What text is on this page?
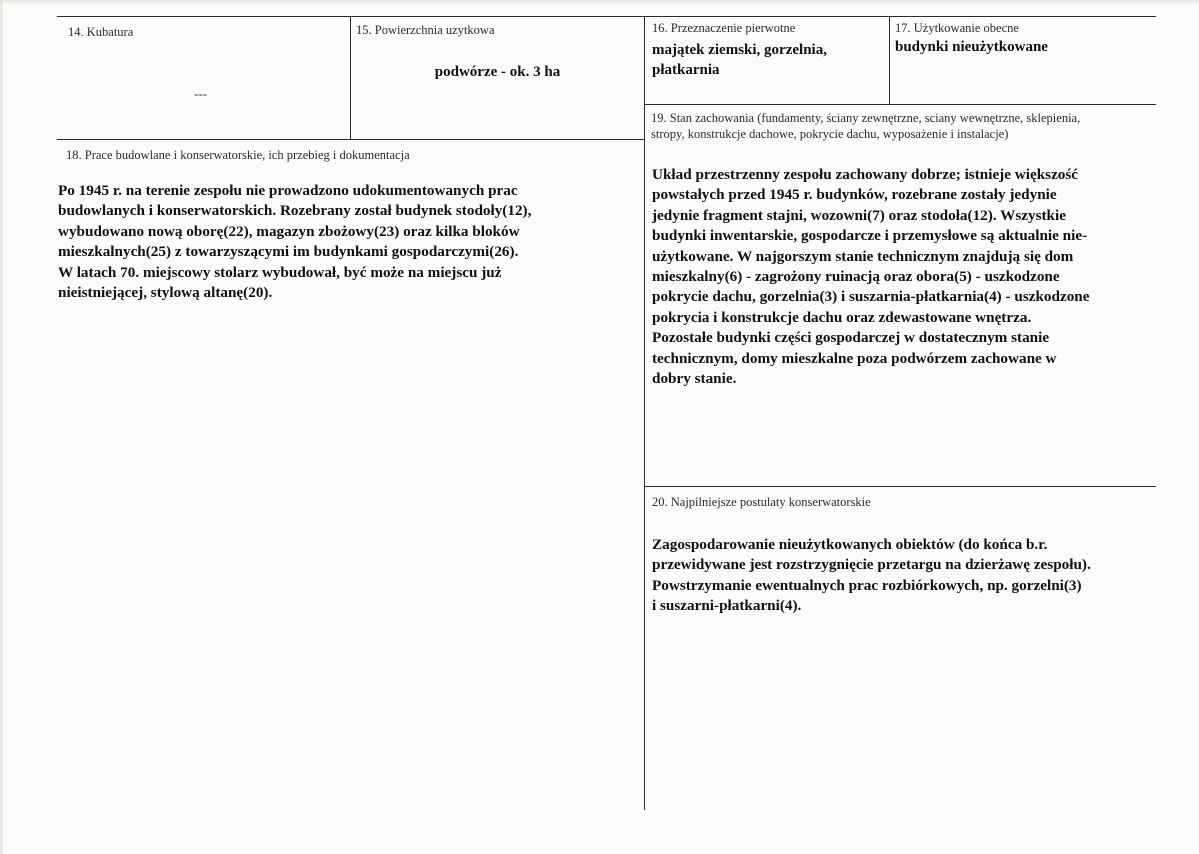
14. Kubatura
---
15. Powierzchnia uzytkowa
podwórze - ok. 3 ha
16. Przeznaczenie pierwotne
majątek ziemski, gorzelnia,
płatkarnia
17. Użytkowanie obecne
budynki nieużytkowane
18. Prace budowlane i konserwatorskie, ich przebieg i dokumentacja
Po 1945 r. na terenie zespołu nie prowadzono udokumentowanych prac
budowlanych i konserwatorskich. Rozebrany został budynek stodoły(12),
wybudowano nową oborę(22), magazyn zbożowy(23) oraz kilka bloków
mieszkalnych(25) z towarzyszącymi im budynkami gospodarczymi(26).
W latach 70. miejscowy stolarz wybudował, być może na miejscu już
nieistniejącej, stylową altanę(20).
19. Stan zachowania (fundamenty, ściany zewnętrzne, sciany wewnętrzne, sklepienia,
stropy, konstrukcje dachowe, pokrycie dachu, wyposażenie i instalacje)
Układ przestrzenny zespołu zachowany dobrze; istnieje większość
powstałych przed 1945 r. budynków, rozebrane zostały jedynie
jedynie fragment stajni, wozowni(7) oraz stodoła(12). Wszystkie
budynki inwentarskie, gospodarcze i przemysłowe są aktualnie nie-
użytkowane. W najgorszym stanie technicznym znajdują się dom
mieszkalny(6) - zagrożony ruinacją oraz obora(5) - uszkodzone
pokrycie dachu, gorzelnia(3) i suszarnia-płatkarnia(4) - uszkodzone
pokrycia i konstrukcje dachu oraz zdewastowane wnętrza.
Pozostałe budynki części gospodarczej w dostatecznym stanie
technicznym, domy mieszkalne poza podwórzem zachowane w
dobry stanie.
20. Najpilniejsze postulaty konserwatorskie
Zagospodarowanie nieużytkowanych obiektów (do końca b.r.
przewidywane jest rozstrzygnięcie przetargu na dzierżawę zespołu).
Powstrzymanie ewentualnych prac rozbiórkowych, np. gorzelni(3)
i suszarni-płatkarni(4).
